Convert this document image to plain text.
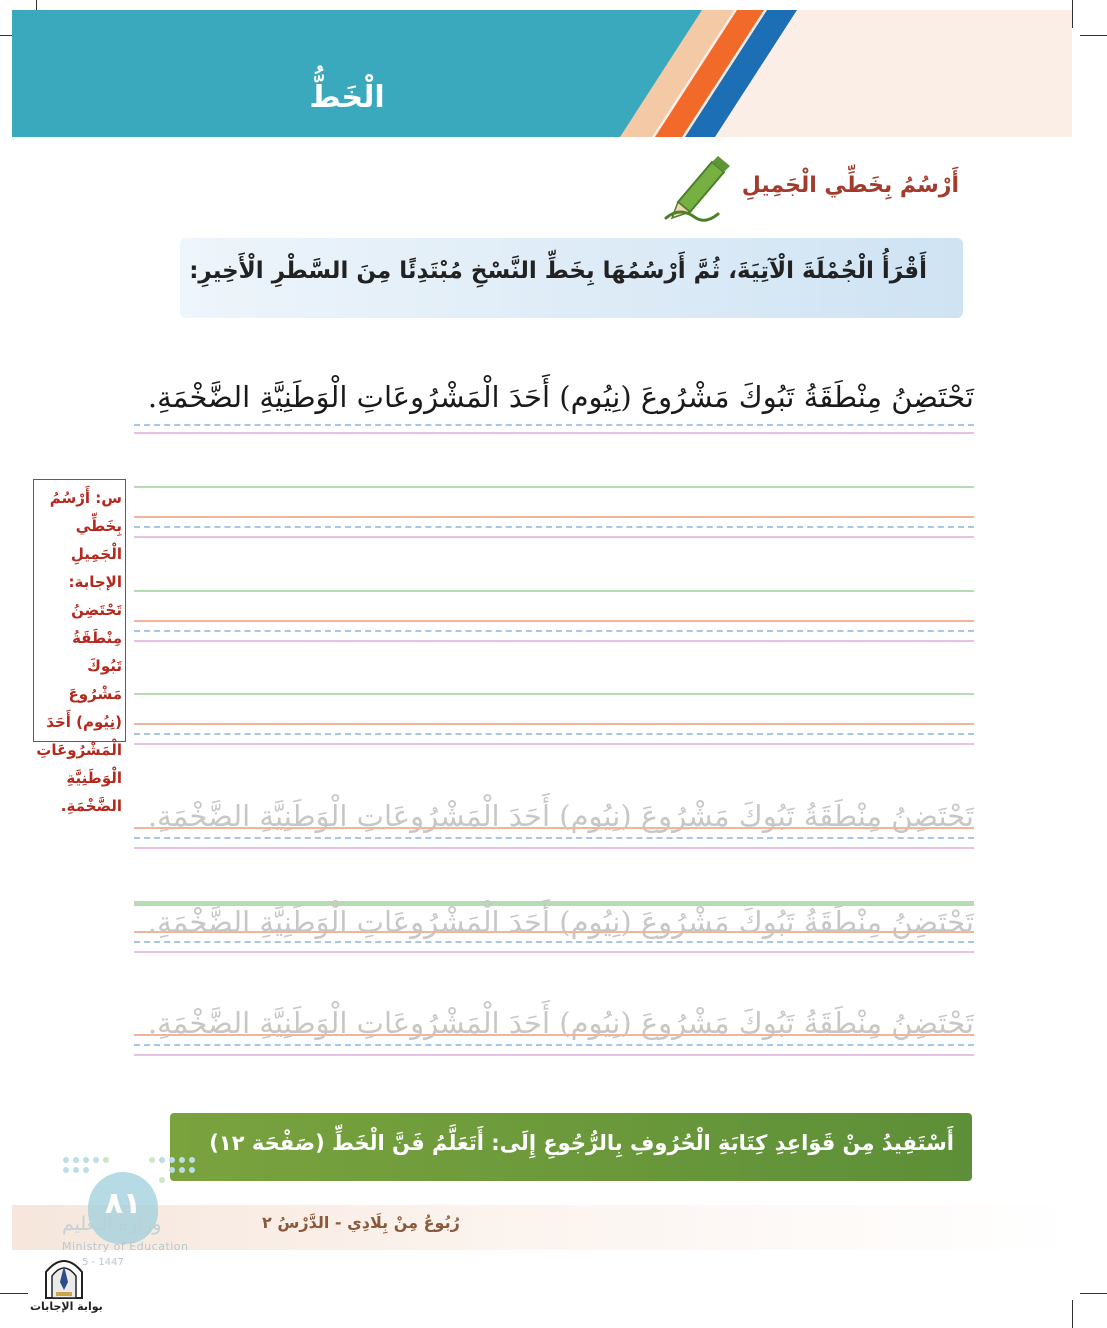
الْخَطُّ
أَرْسُمُ بِخَطِّي الْجَمِيلِ
أَقْرَأُ الْجُمْلَةَ الْآتِيَةَ، ثُمَّ أَرْسُمُهَا بِخَطِّ النَّسْخِ مُبْتَدِئًا مِنَ السَّطْرِ الْأَخِيرِ:
تَحْتَضِنُ مِنْطَقَةُ تَبُوكَ مَشْرُوعَ (نِيُوم) أَحَدَ الْمَشْرُوعَاتِ الْوَطَنِيَّةِ الضَّخْمَةِ.
تَحْتَضِنُ مِنْطَقَةُ تَبُوكَ مَشْرُوعَ (نِيُوم) أَحَدَ الْمَشْرُوعَاتِ الْوَطَنِيَّةِ الضَّخْمَةِ.
تَحْتَضِنُ مِنْطَقَةُ تَبُوكَ مَشْرُوعَ (نِيُوم) أَحَدَ الْمَشْرُوعَاتِ الْوَطَنِيَّةِ الضَّخْمَةِ.
تَحْتَضِنُ مِنْطَقَةُ تَبُوكَ مَشْرُوعَ (نِيُوم) أَحَدَ الْمَشْرُوعَاتِ الْوَطَنِيَّةِ الضَّخْمَةِ.
س: أَرْسُمُ بِخَطِّي الْجَمِيلِ
الإجابة:
تَحْتَضِنُ مِنْطَقَةُ تَبُوكَ مَشْرُوعَ (نِيُوم) أَحَدَ الْمَشْرُوعَاتِ الْوَطَنِيَّةِ الضَّخْمَةِ.
أَسْتَفِيدُ مِنْ قَوَاعِدِ كِتَابَةِ الْحُرُوفِ بِالرُّجُوعِ إِلَى: أَتَعَلَّمُ فَنَّ الْخَطِّ (صَفْحَة ١٢)
رُبُوعُ مِنْ بِلَادِي - الدَّرْسُ ٢
٨١
وزارة التعليم
Ministry of Education
5 - 1447
بوابة الإجابات
